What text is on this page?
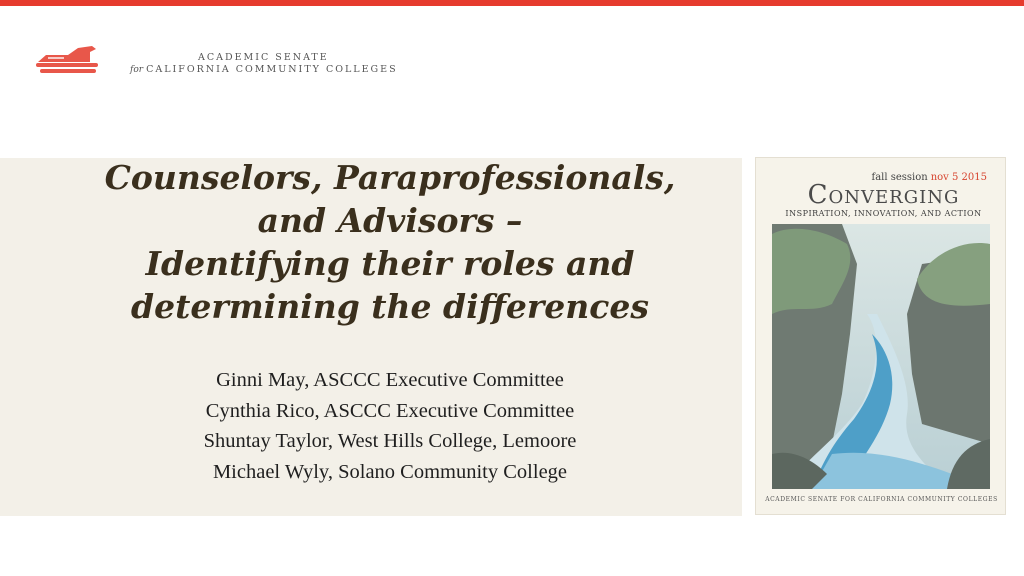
ACADEMIC SENATE
for CALIFORNIA COMMUNITY COLLEGES
Counselors, Paraprofessionals,
and Advisors –
Identifying their roles and
determining the differences
Ginni May, ASCCC Executive Committee
Cynthia Rico, ASCCC Executive Committee
Shuntay Taylor, West Hills College, Lemoore
Michael Wyly, Solano Community College
fall session nov 5 2015
Converging
INSPIRATION, INNOVATION, AND ACTION
ACADEMIC SENATE FOR CALIFORNIA COMMUNITY COLLEGES
